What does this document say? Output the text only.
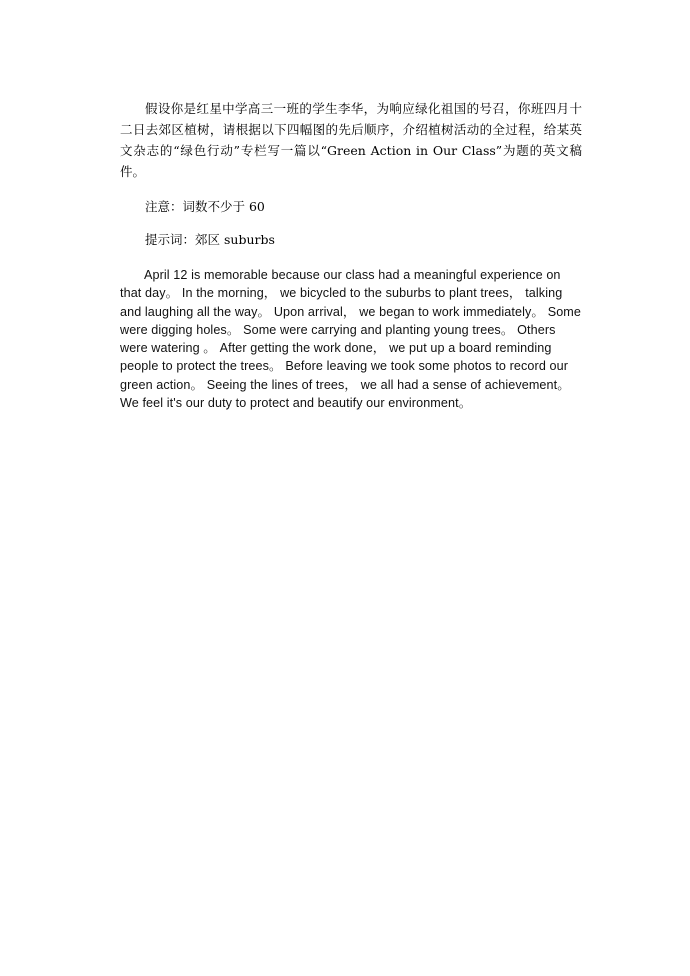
假设你是红星中学高三一班的学生李华，为响应绿化祖国的号召，你班四月十二日去郊区植树，请根据以下四幅图的先后顺序，介绍植树活动的全过程，给某英文杂志的“绿色行动”专栏写一篇以“Green Action in Our Class”为题的英文稿件。

注意：词数不少于 60

提示词：郊区 suburbs

April 12 is memorable because our class had a meaningful experience on that day。 In the morning， we bicycled to the suburbs to plant trees， talking and laughing all the way。 Upon arrival， we began to work immediately。 Some were digging holes。 Some were carrying and planting young trees。 Others were watering 。 After getting the work done， we put up a board reminding people to protect the trees。 Before leaving we took some photos to record our green action。 Seeing the lines of trees， we all had a sense of achievement。 We feel it's our duty to protect and beautify our environment。
